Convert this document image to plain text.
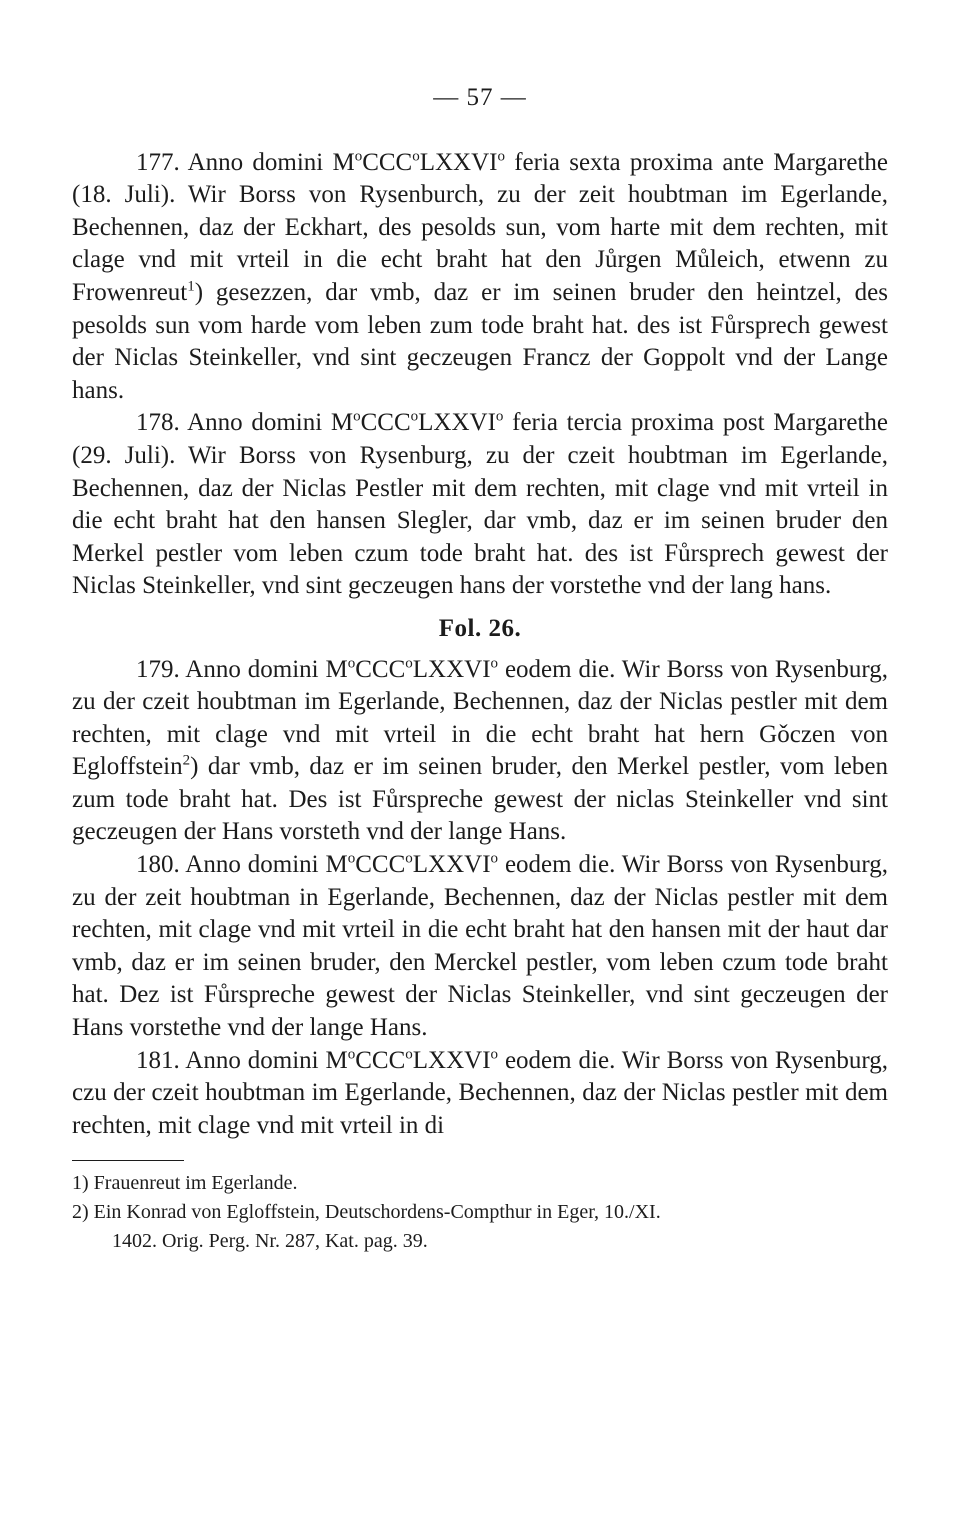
— 57 —

177. Anno domini $M^oCCC^oLXXVI^o$ feria sexta proxima ante Margarethe (18. Juli). Wir Borss von Rysenburch, zu der zeit houbtman im Egerlande, Bechennen, daz der Eckhart, des pesolds sun, vom harte mit dem rechten, mit clage vnd mit vrteil in die echt braht hat den Jůrgen Můleich, etwenn zu Frowenreut$^1$) gesezzen, dar vmb, daz er im seinen bruder den heintzel, des pesolds sun vom harde vom leben zum tode braht hat. des ist Fůrsprech gewest der Niclas Steinkeller, vnd sint geczeugen Francz der Goppolt vnd der Lange hans.

178. Anno domini $M^oCCC^oLXXVI^o$ feria tercia proxima post Margarethe (29. Juli). Wir Borss von Rysenburg, zu der czeit houbtman im Egerlande, Bechennen, daz der Niclas Pestler mit dem rechten, mit clage vnd mit vrteil in die echt braht hat den hansen Slegler, dar vmb, daz er im seinen bruder den Merkel pestler vom leben czum tode braht hat. des ist Fůrsprech gewest der Niclas Steinkeller, vnd sint geczeugen hans der vorstethe vnd der lang hans.

Fol. 26.

179. Anno domini $M^oCCC^oLXXVI^o$ eodem die. Wir Borss von Rysenburg, zu der czeit houbtman im Egerlande, Bechennen, daz der Niclas pestler mit dem rechten, mit clage vnd mit vrteil in die echt braht hat hern Gǒczen von Egloffstein$^2$) dar vmb, daz er im seinen bruder, den Merkel pestler, vom leben zum tode braht hat. Des ist Fůrspreche gewest der niclas Steinkeller vnd sint geczeugen der Hans vorsteth vnd der lange Hans.

180. Anno domini $M^oCCC^oLXXVI^o$ eodem die. Wir Borss von Rysenburg, zu der zeit houbtman in Egerlande, Bechennen, daz der Niclas pestler mit dem rechten, mit clage vnd mit vrteil in die echt braht hat den hansen mit der haut dar vmb, daz er im seinen bruder, den Merckel pestler, vom leben czum tode braht hat. Dez ist Fůrspreche gewest der Niclas Steinkeller, vnd sint geczeugen der Hans vorstethe vnd der lange Hans.

181. Anno domini $M^oCCC^oLXXVI^o$ eodem die. Wir Borss von Rysenburg, czu der czeit houbtman im Egerlande, Bechennen, daz der Niclas pestler mit dem rechten, mit clage vnd mit vrteil in di

1) Frauenreut im Egerlande.

2) Ein Konrad von Egloffstein, Deutschordens-Compthur in Eger, 10./XI.

1402. Orig. Perg. Nr. 287, Kat. pag. 39.
